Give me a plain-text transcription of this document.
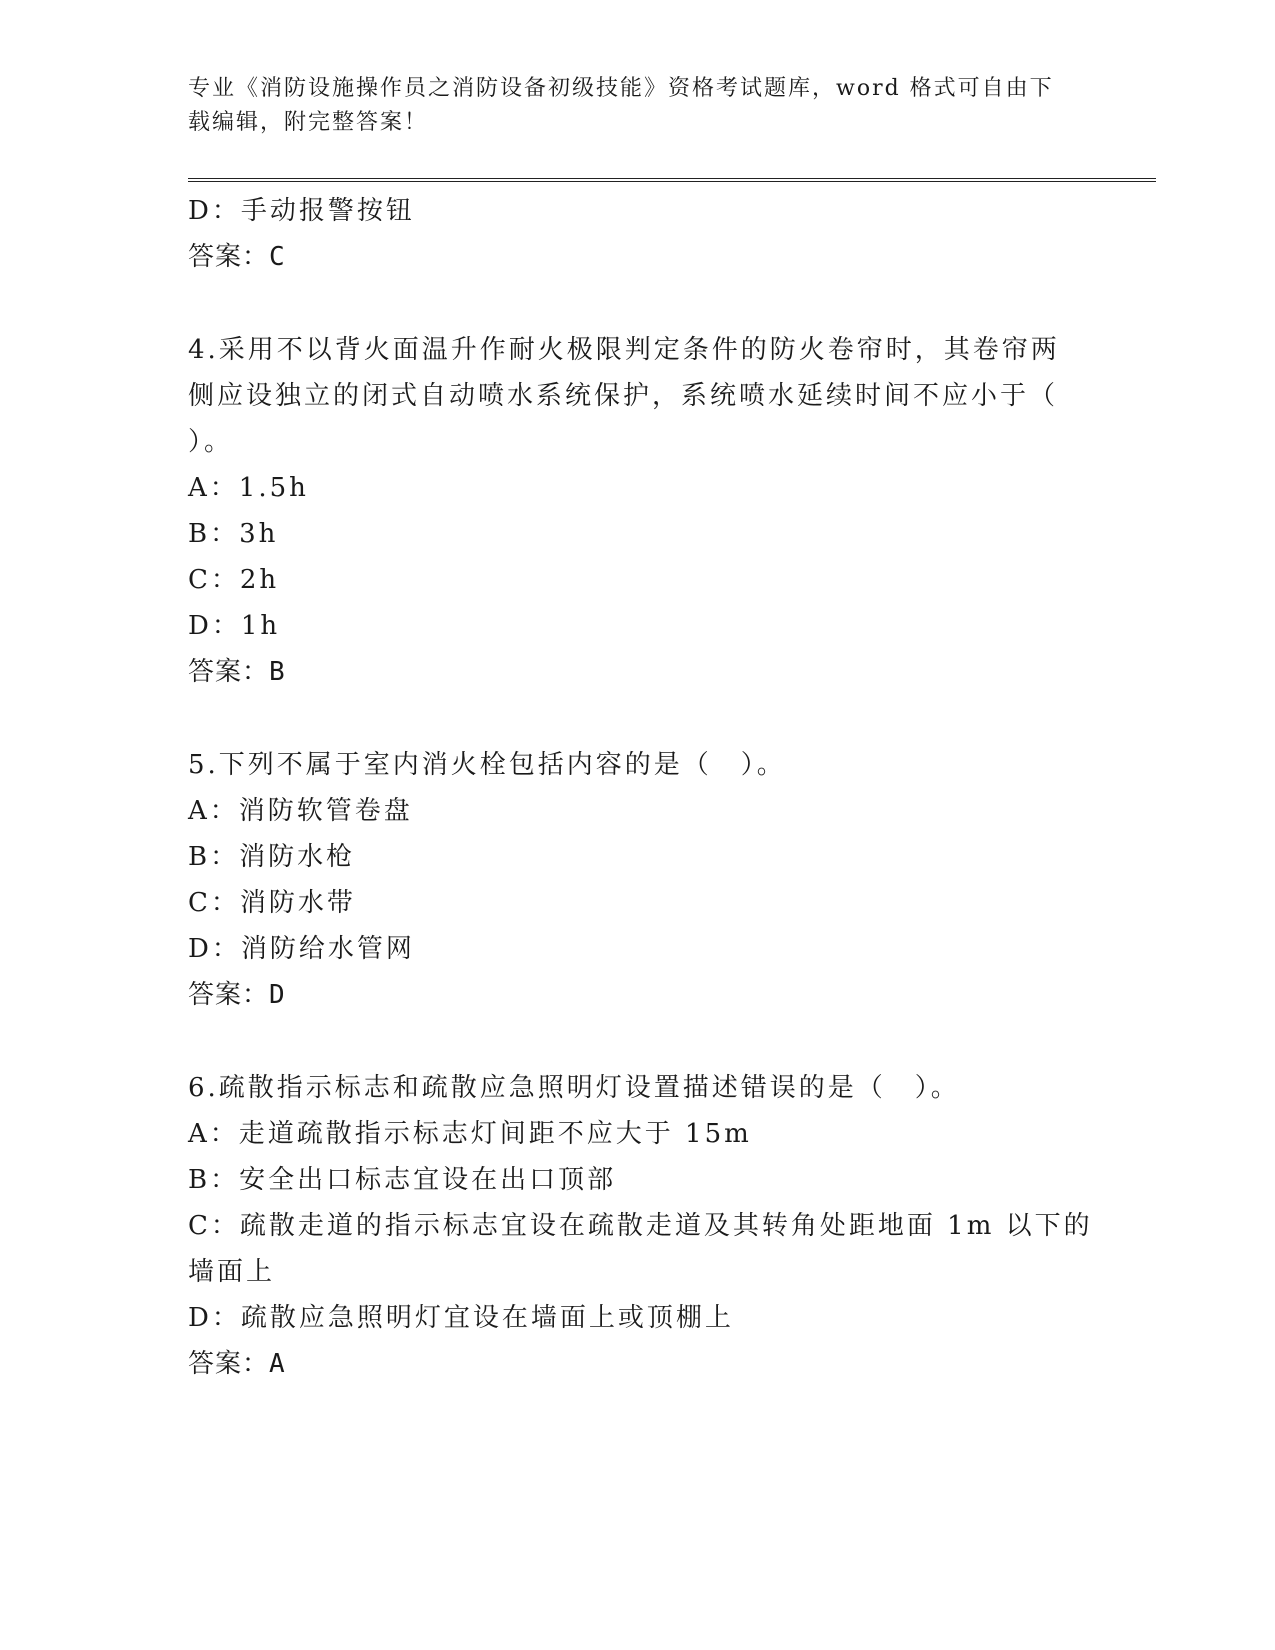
专业《消防设施操作员之消防设备初级技能》资格考试题库，word 格式可自由下
载编辑，附完整答案！
D：手动报警按钮
答案：C
4.采用不以背火面温升作耐火极限判定条件的防火卷帘时，其卷帘两
侧应设独立的闭式自动喷水系统保护，系统喷水延续时间不应小于（
）。
A：1.5h
B：3h
C：2h
D：1h
答案：B
5.下列不属于室内消火栓包括内容的是（　）。
A：消防软管卷盘
B：消防水枪
C：消防水带
D：消防给水管网
答案：D
6.疏散指示标志和疏散应急照明灯设置描述错误的是（　）。
A：走道疏散指示标志灯间距不应大于 15m
B：安全出口标志宜设在出口顶部
C：疏散走道的指示标志宜设在疏散走道及其转角处距地面 1m 以下的
墙面上
D：疏散应急照明灯宜设在墙面上或顶棚上
答案：A
